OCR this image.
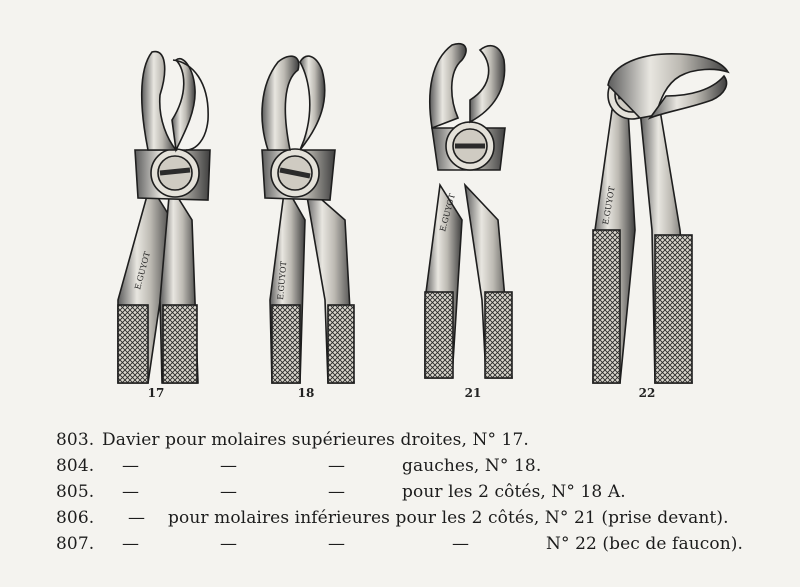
E.GUYOT	E.GUYOT
E.GUYOT	E.GUYOT
17	18	21	22
803. Davier pour molaires supérieures droites, N° 17.
804. —	—	—	gauches, N° 18.
805. —	—	—	pour les 2 côtés, N° 18 A.
806. — pour molaires inférieures pour les 2 côtés, N° 21 (prise devant).
807. —	—	—	—	N° 22 (bec de faucon).
